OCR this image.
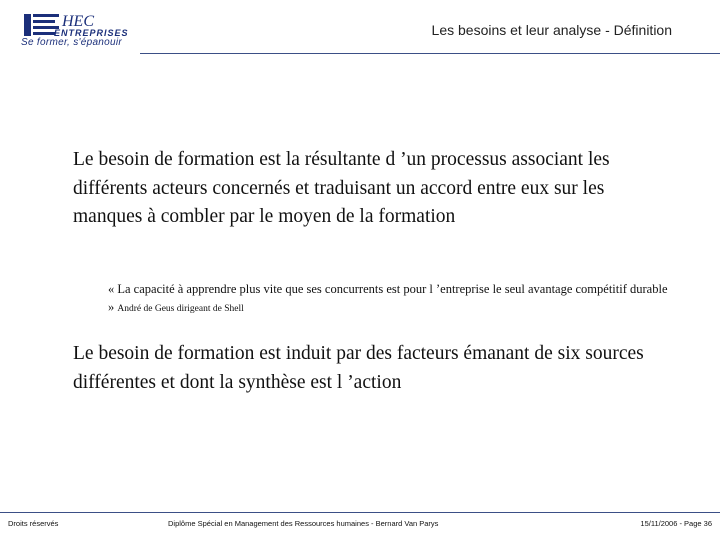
HEC
ENTREPRISES
Se former, s'épanouir
Les besoins et leur analyse - Définition
Le besoin de formation est la résultante d ’un processus associant les différents acteurs concernés et traduisant un accord entre eux sur les manques à combler par le moyen de la formation
« La capacité à apprendre plus vite que ses concurrents est pour l ’entreprise le seul avantage compétitif durable » André de Geus dirigeant de Shell
Le besoin de formation est induit par des facteurs émanant de six sources différentes et dont la synthèse est l ’action
Droits réservés	Diplôme Spécial en Management des Ressources humaines - Bernard Van Parys	15/11/2006 - Page 36
